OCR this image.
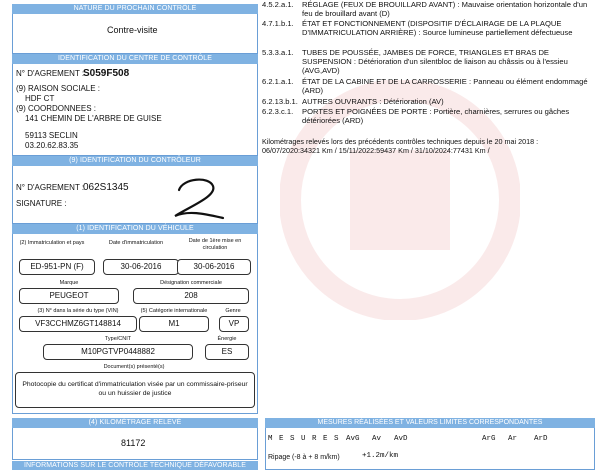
NATURE DU PROCHAIN CONTRÔLE
Contre-visite
IDENTIFICATION DU CENTRE DE CONTRÔLE
N° D'AGREMENT :
S059F508
(9) RAISON SOCIALE :
HDF CT
(9) COORDONNEES :
141 CHEMIN DE L'ARBRE DE GUISE
59113 SECLIN
03.20.62.83.35
(9) IDENTIFICATION DU CONTRÔLEUR
N° D'AGREMENT :
062S1345
SIGNATURE :
(1) IDENTIFICATION DU VÉHICULE
(2) Immatriculation et pays	Date d'immatriculation	Date de 1ère mise en circulation
ED-951-PN (F)	30-06-2016	30-06-2016
Marque	Désignation commerciale
PEUGEOT	208
(3) N° dans la série du type (VIN)	(5) Catégorie internationale	Genre
VF3CCHMZ6GT148814	M1	VP
Type/CNIT	Énergie
M10PGTVP0448882	ES
Document(s) présenté(s)
Photocopie du certificat d'immatriculation visée par un commissaire-priseur ou un huissier de justice
(4) KILOMÉTRAGE RELEVÉ
81172
INFORMATIONS SUR LE CONTRÔLE TECHNIQUE DÉFAVORABLE
4.5.2.a.1.	RÉGLAGE (FEUX DE BROUILLARD AVANT) : Mauvaise orientation horizontale d'un feu de brouillard avant (D)
4.7.1.b.1.	ÉTAT ET FONCTIONNEMENT (DISPOSITIF D'ÉCLAIRAGE DE LA PLAQUE D'IMMATRICULATION ARRIÈRE) : Source lumineuse partiellement défectueuse
5.3.3.a.1.	TUBES DE POUSSÉE, JAMBES DE FORCE, TRIANGLES ET BRAS DE SUSPENSION : Détérioration d'un silentbloc de liaison au châssis ou à l'essieu (AVG,AVD)
6.2.1.a.1.	ÉTAT DE LA CABINE ET DE LA CARROSSERIE : Panneau ou élément endommagé (ARD)
6.2.13.b.1. AUTRES OUVRANTS : Détérioration (AV)
6.2.3.c.1.	PORTES ET POIGNÉES DE PORTE : Portière, charnières, serrures ou gâches détériorées (ARD)
Kilométrages relevés lors des précédents contrôles techniques depuis le 20 mai 2018 :
06/07/2020:34321 Km / 15/11/2022:59437 Km / 31/10/2024:77431 Km /
MESURES RÉALISÉES ET VALEURS LIMITES CORRESPONDANTES
M E S U R E S AvG Av AvD	ArG Ar ArD
Ripage (-8 à + 8 m/km)	+1.2m/km
